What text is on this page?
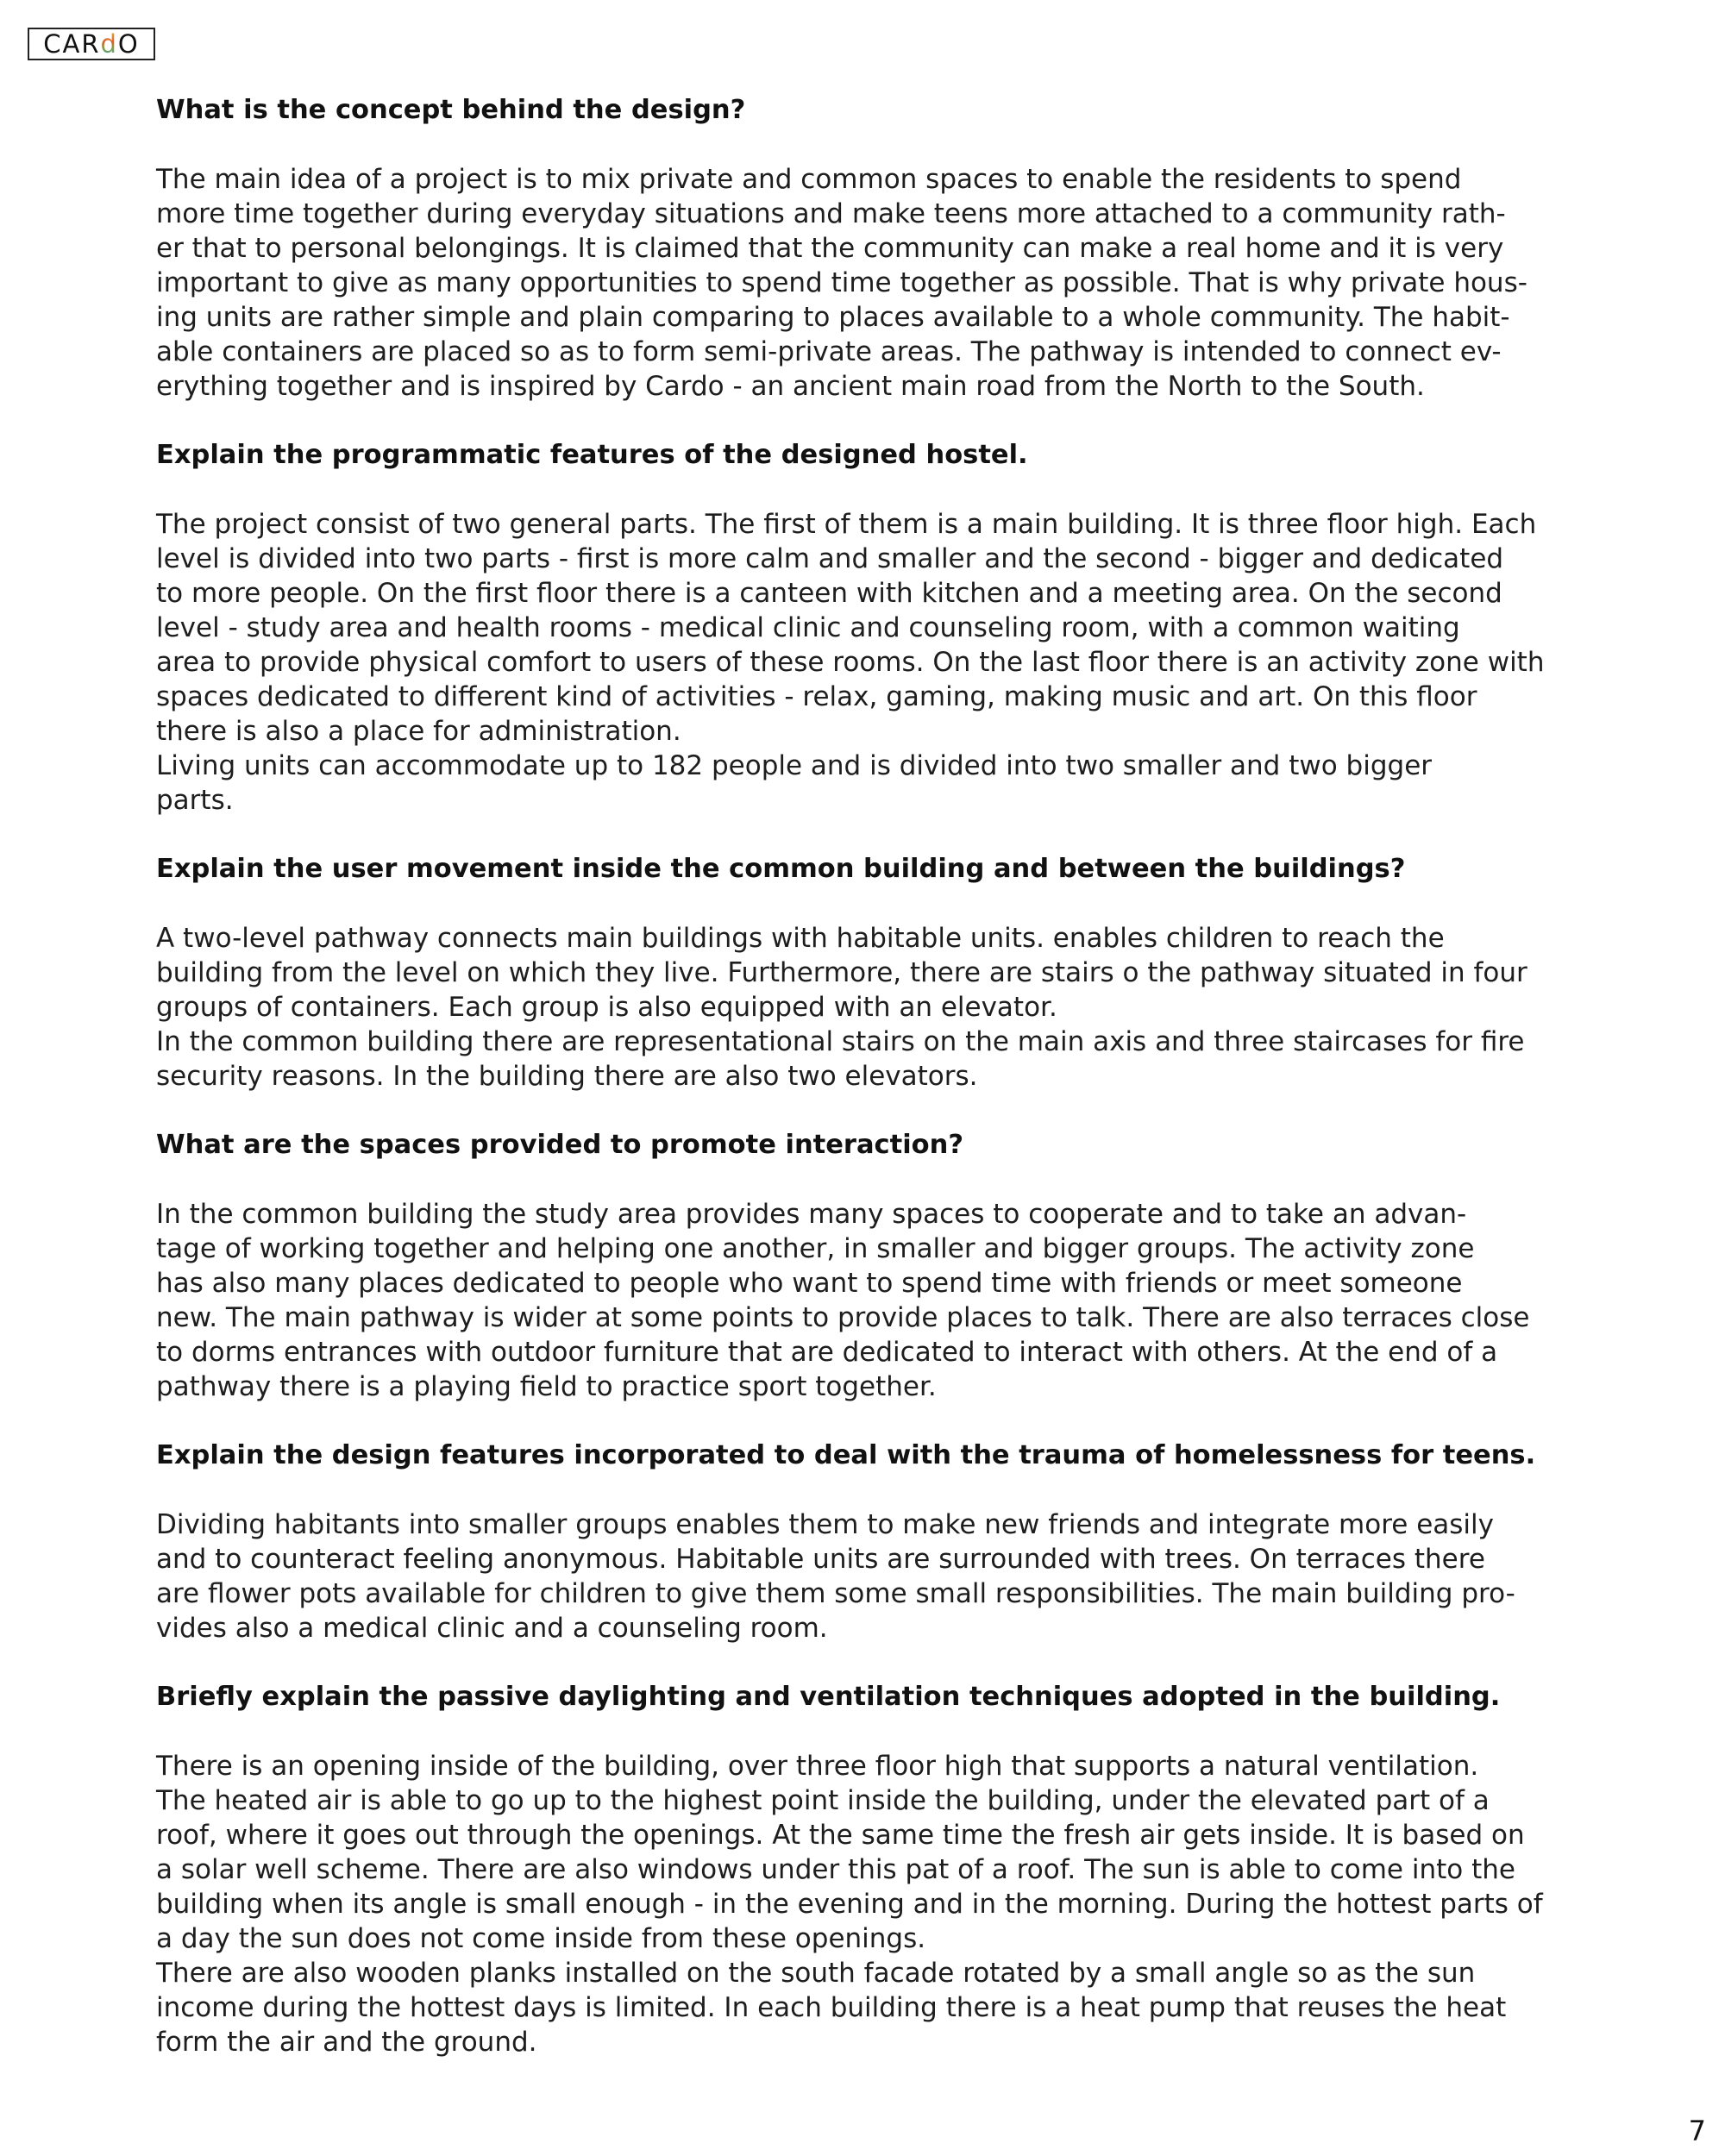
CAR d O
What is the concept behind the design?
The main idea of a project is to mix private and common spaces to enable the residents to spend
more time together during everyday situations and make teens more attached to a community rath-
er that to personal belongings. It is claimed that the community can make a real home and it is very
important to give as many opportunities to spend time together as possible. That is why private hous-
ing units are rather simple and plain comparing to places available to a whole community. The habit-
able containers are placed so as to form semi-private areas. The pathway is intended to connect ev-
erything together and is inspired by Cardo - an ancient main road from the North to the South.
Explain the programmatic features of the designed hostel.
The project consist of two general parts. The first of them is a main building. It is three floor high. Each
level is divided into two parts - first is more calm and smaller and the second - bigger and dedicated
to more people. On the first floor there is a canteen with kitchen and a meeting area. On the second
level - study area and health rooms - medical clinic and counseling room, with a common waiting
area to provide physical comfort to users of these rooms. On the last floor there is an activity zone with
spaces dedicated to different kind of activities - relax, gaming, making music and art. On this floor
there is also a place for administration.
Living units can accommodate up to 182 people and is divided into two smaller and two bigger
parts.
Explain the user movement inside the common building and between the buildings?
A two-level pathway connects main buildings with habitable units. enables children to reach the
building from the level on which they live. Furthermore, there are stairs o the pathway situated in four
groups of containers. Each group is also equipped with an elevator.
In the common building there are representational stairs on the main axis and three staircases for fire
security reasons. In the building there are also two elevators.
What are the spaces provided to promote interaction?
In the common building the study area provides many spaces to cooperate and to take an advan-
tage of working together and helping one another, in smaller and bigger groups. The activity zone
has also many places dedicated to people who want to spend time with friends or meet someone
new. The main pathway is wider at some points to provide places to talk. There are also terraces close
to dorms entrances with outdoor furniture that are dedicated to interact with others. At the end of a
pathway there is a playing field to practice sport together.
Explain the design features incorporated to deal with the trauma of homelessness for teens.
Dividing habitants into smaller groups enables them to make new friends and integrate more easily
and to counteract feeling anonymous. Habitable units are surrounded with trees. On terraces there
are flower pots available for children to give them some small responsibilities. The main building pro-
vides also a medical clinic and a counseling room.
Briefly explain the passive daylighting and ventilation techniques adopted in the building.
There is an opening inside of the building, over three floor high that supports a natural ventilation.
The heated air is able to go up to the highest point inside the building, under the elevated part of a
roof, where it goes out through the openings. At the same time the fresh air gets inside. It is based on
a solar well scheme. There are also windows under this pat of a roof. The sun is able to come into the
building when its angle is small enough - in the evening and in the morning. During the hottest parts of
a day the sun does not come inside from these openings.
There are also wooden planks installed on the south facade rotated by a small angle so as the sun
income during the hottest days is limited. In each building there is a heat pump that reuses the heat
form the air and the ground.
7
